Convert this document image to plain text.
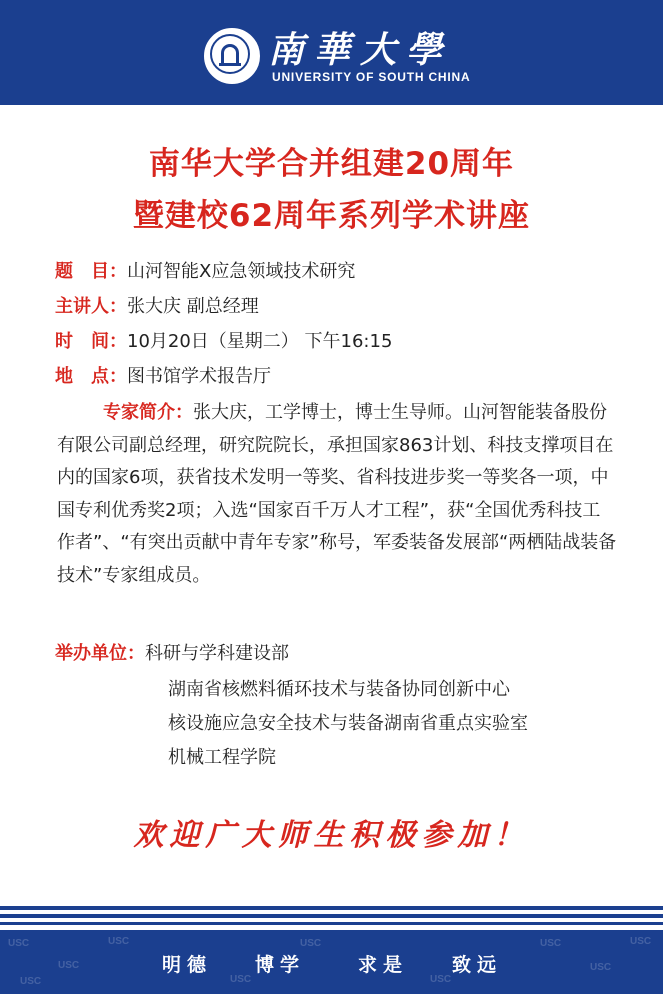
南華大學
UNIVERSITY OF SOUTH CHINA
南华大学合并组建20周年
暨建校62周年系列学术讲座
题　目：山河智能X应急领域技术研究
主讲人：张大庆 副总经理
时　间：10月20日（星期二） 下午16:15
地　点：图书馆学术报告厅
专家简介：张大庆，工学博士，博士生导师。山河智能装备股份有限公司副总经理，研究院院长，承担国家863计划、科技支撑项目在内的国家6项，获省技术发明一等奖、省科技进步奖一等奖各一项，中国专利优秀奖2项；入选“国家百千万人才工程”，获“全国优秀科技工作者”、“有突出贡献中青年专家”称号，军委装备发展部“两栖陆战装备技术”专家组成员。
举办单位：科研与学科建设部
湖南省核燃料循环技术与装备协同创新中心
核设施应急安全技术与装备湖南省重点实验室
机械工程学院
欢迎广大师生积极参加！
USC
USC
USC
USC	USC
USC
USC
USC
USC
USC
明德 博学	求是 致远
